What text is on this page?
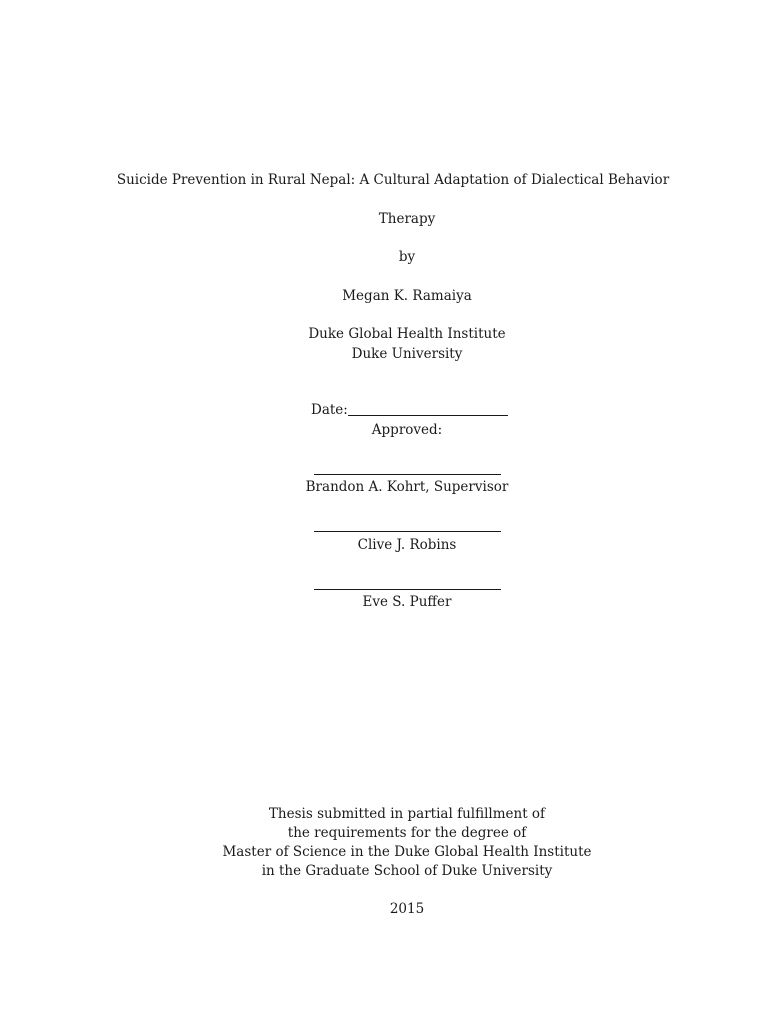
Suicide Prevention in Rural Nepal: A Cultural Adaptation of Dialectical Behavior
Therapy
by
Megan K. Ramaiya
Duke Global Health Institute
Duke University
Date:
Approved:
Brandon A. Kohrt, Supervisor
Clive J. Robins
Eve S. Puffer
Thesis submitted in partial fulfillment of
the requirements for the degree of
Master of Science in the Duke Global Health Institute
in the Graduate School of Duke University
2015
